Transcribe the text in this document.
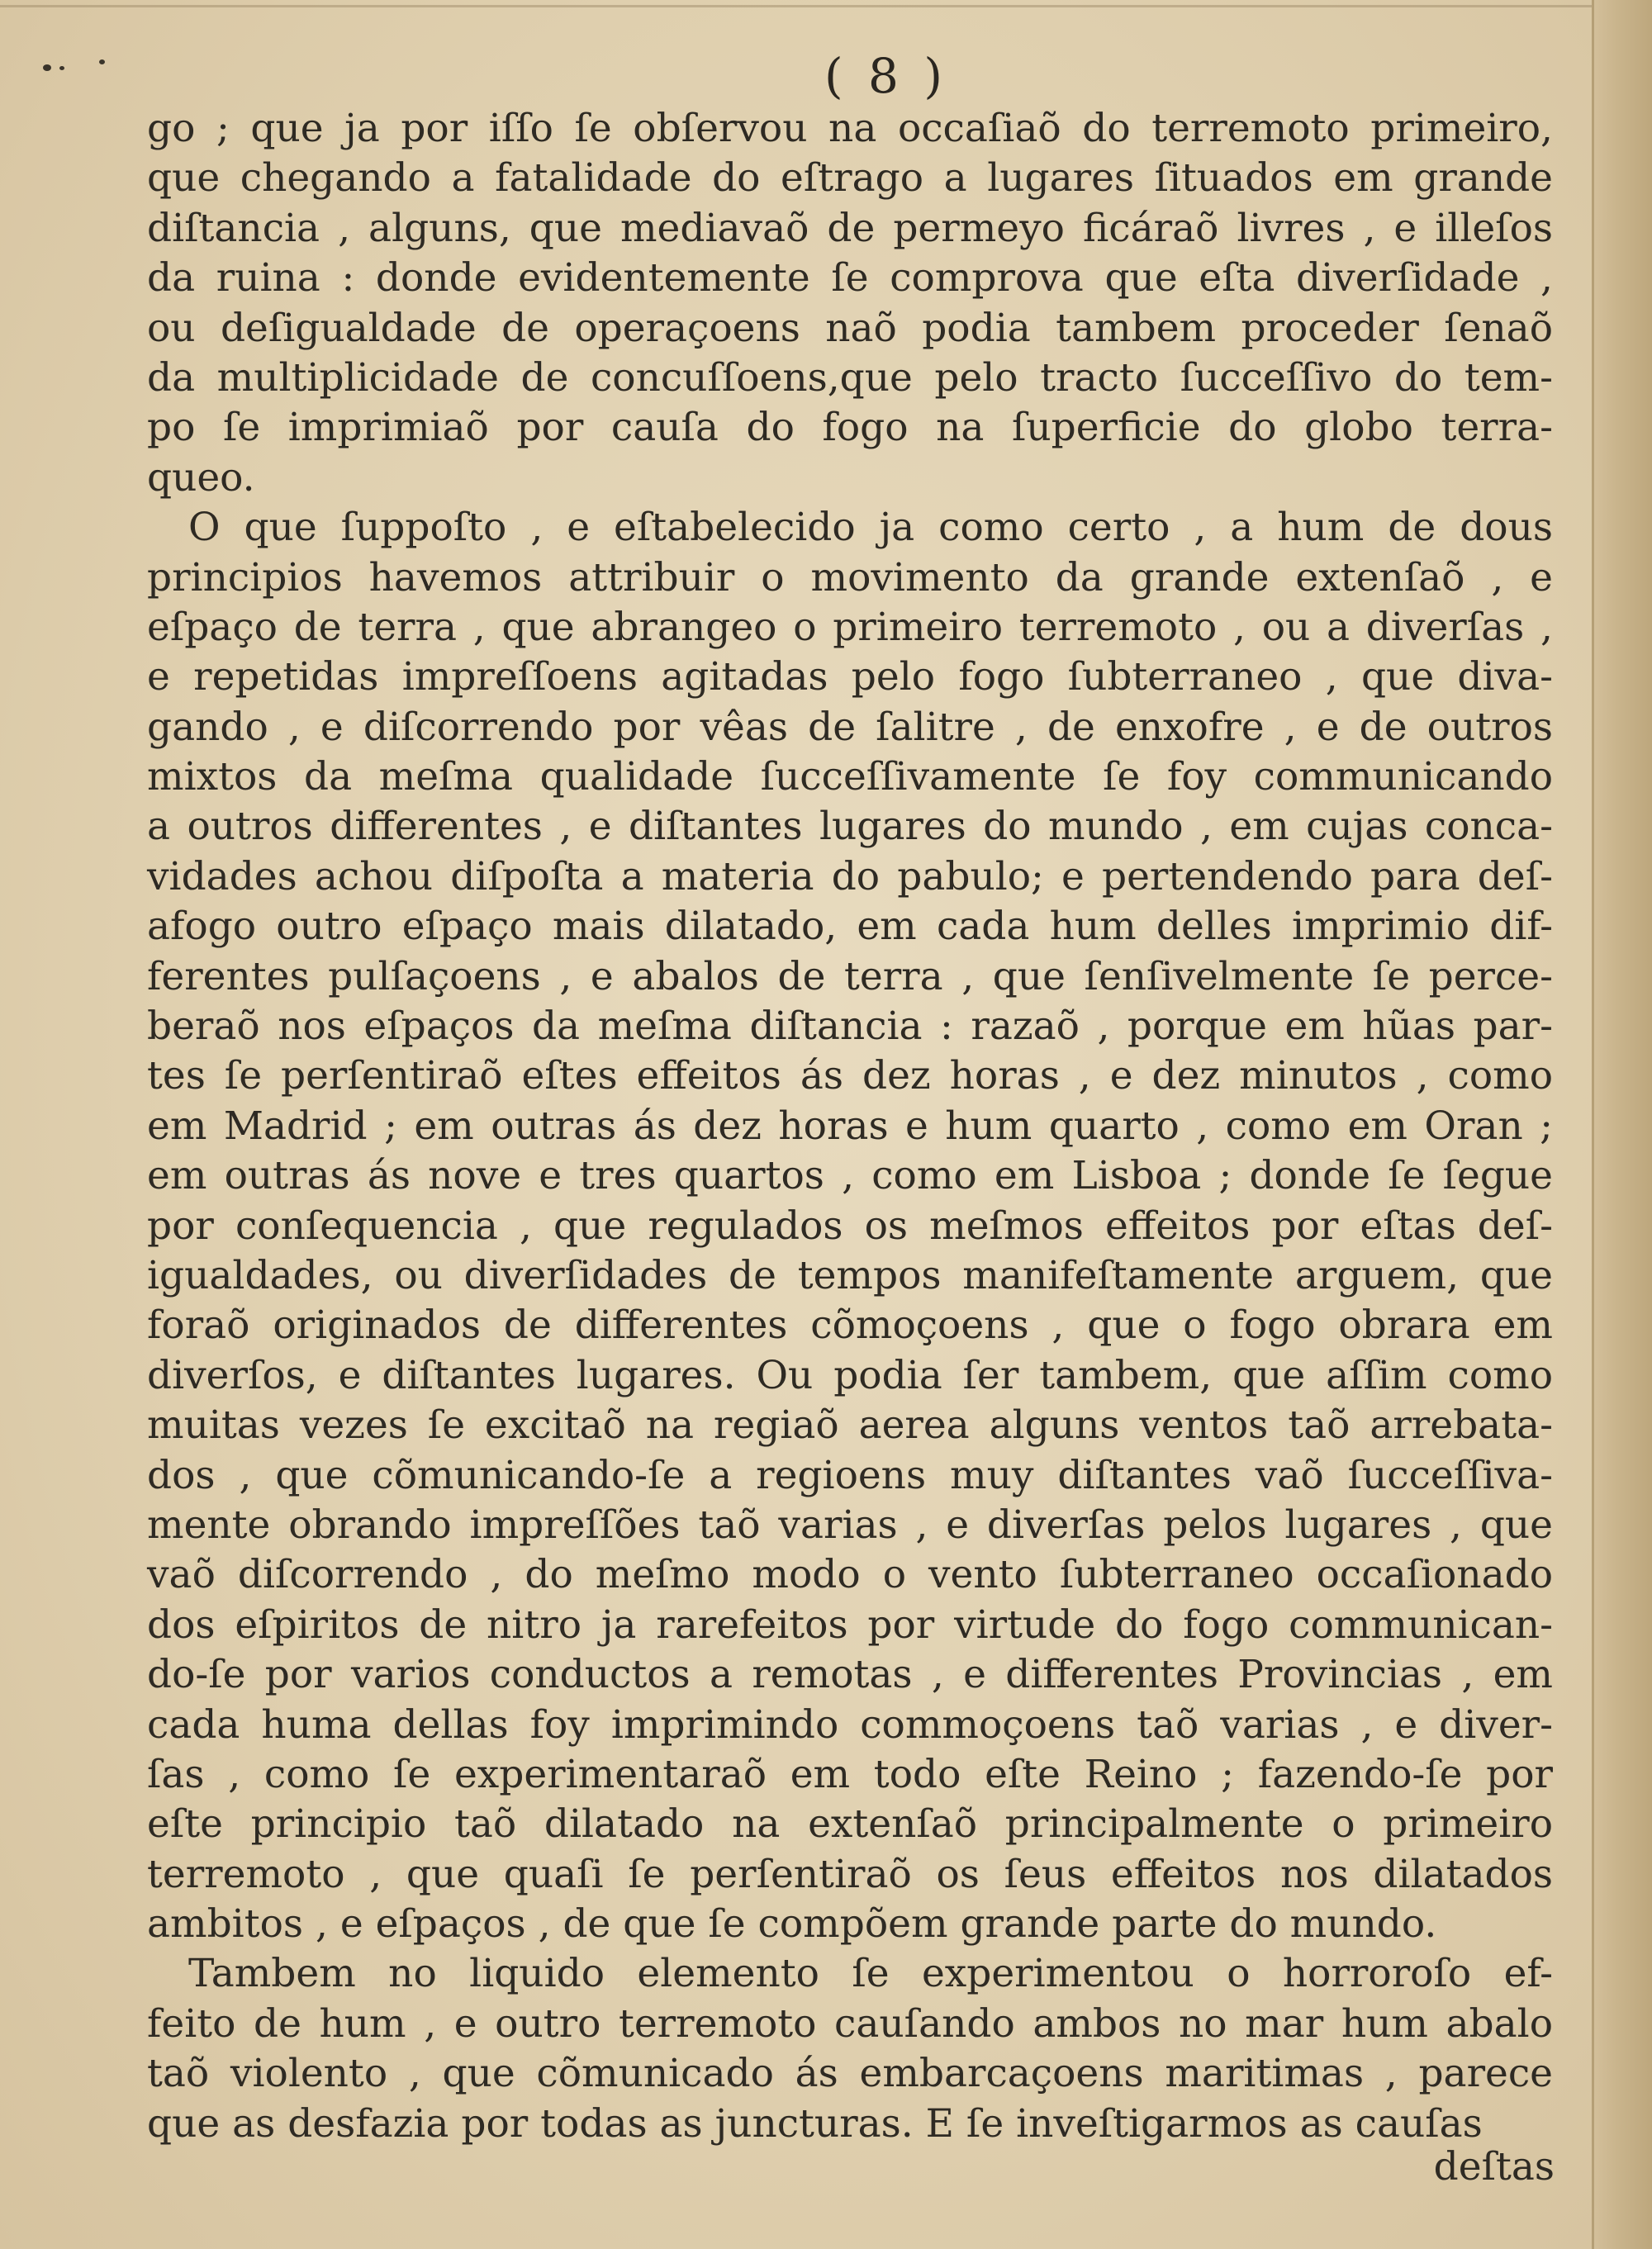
( 8 )
go ; que ja por iſſo ſe obſervou na occaſiaõ do terremoto primeiro,
que chegando a fatalidade do eſtrago a lugares ſituados em grande
diſtancia , alguns, que mediavaõ de permeyo ficáraõ livres , e illeſos
da ruina : donde evidentemente ſe comprova que eſta diverſidade ,
ou deſigualdade de operaçoens naõ podia tambem proceder ſenaõ
da multiplicidade de concuſſoens,que pelo tracto ſucceſſivo do tem-
po ſe imprimiaõ por cauſa do fogo na ſuperficie do globo terra-
queo.
O que ſuppoſto , e eſtabelecido ja como certo , a hum de dous
principios havemos attribuir o movimento da grande extenſaõ , e
eſpaço de terra , que abrangeo o primeiro terremoto , ou a diverſas ,
e repetidas impreſſoens agitadas pelo fogo ſubterraneo , que diva-
gando , e diſcorrendo por vêas de ſalitre , de enxofre , e de outros
mixtos da meſma qualidade ſucceſſivamente ſe foy communicando
a outros differentes , e diſtantes lugares do mundo , em cujas conca-
vidades achou diſpoſta a materia do pabulo; e pertendendo para deſ-
afogo outro eſpaço mais dilatado, em cada hum delles imprimio dif-
ferentes pulſaçoens , e abalos de terra , que ſenſivelmente ſe perce-
beraõ nos eſpaços da meſma diſtancia : razaõ , porque em hũas par-
tes ſe perſentiraõ eſtes effeitos ás dez horas , e dez minutos , como
em Madrid ; em outras ás dez horas e hum quarto , como em Oran ;
em outras ás nove e tres quartos , como em Lisboa ; donde ſe ſegue
por conſequencia , que regulados os meſmos effeitos por eſtas deſ-
igualdades, ou diverſidades de tempos manifeſtamente arguem, que
foraõ originados de differentes cõmoçoens , que o fogo obrara em
diverſos, e diſtantes lugares. Ou podia ſer tambem, que aſſim como
muitas vezes ſe excitaõ na regiaõ aerea alguns ventos taõ arrebata-
dos , que cõmunicando-ſe a regioens muy diſtantes vaõ ſucceſſiva-
mente obrando impreſſões taõ varias , e diverſas pelos lugares , que
vaõ diſcorrendo , do meſmo modo o vento ſubterraneo occaſionado
dos eſpiritos de nitro ja rarefeitos por virtude do fogo communican-
do-ſe por varios conductos a remotas , e differentes Provincias , em
cada huma dellas foy imprimindo commoçoens taõ varias , e diver-
ſas , como ſe experimentaraõ em todo eſte Reino ; fazendo-ſe por
eſte principio taõ dilatado na extenſaõ principalmente o primeiro
terremoto , que quaſi ſe perſentiraõ os ſeus effeitos nos dilatados
ambitos , e eſpaços , de que ſe compõem grande parte do mundo.
Tambem no liquido elemento ſe experimentou o horroroſo ef-
feito de hum , e outro terremoto cauſando ambos no mar hum abalo
taõ violento , que cõmunicado ás embarcaçoens maritimas , parece
que as desfazia por todas as juncturas. E ſe inveſtigarmos as cauſas
deſtas
